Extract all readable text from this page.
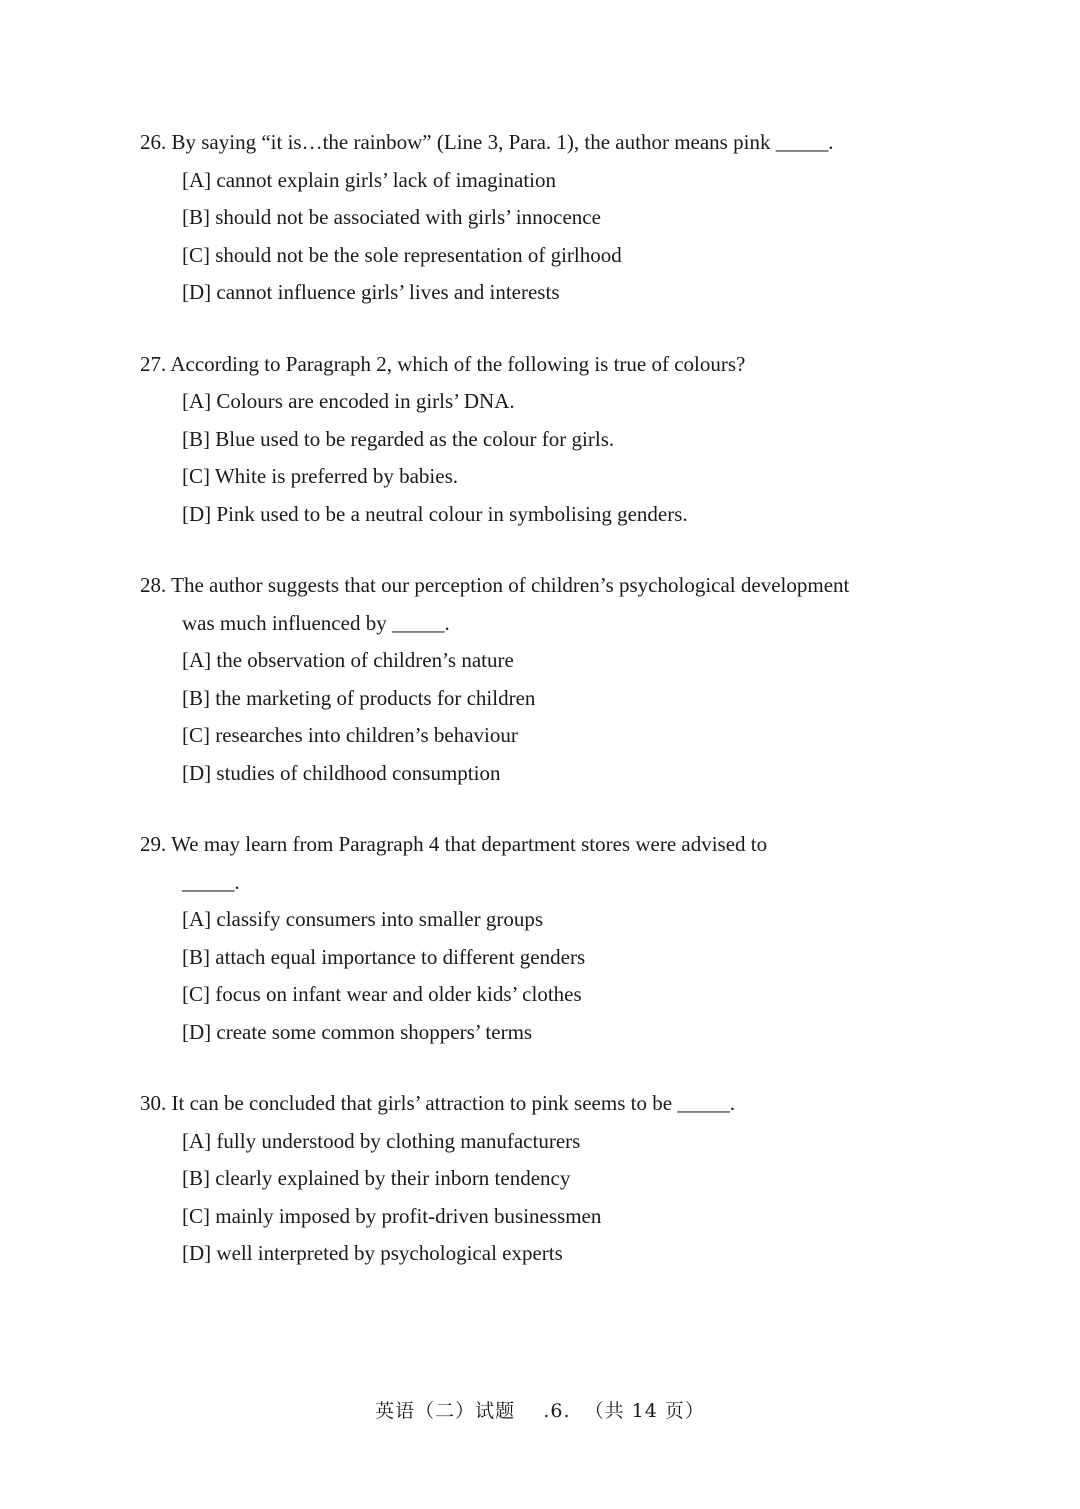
26. By saying “it is…the rainbow” (Line 3, Para. 1), the author means pink _____.

[A] cannot explain girls’ lack of imagination
[B] should not be associated with girls’ innocence
[C] should not be the sole representation of girlhood
[D] cannot influence girls’ lives and interests

27. According to Paragraph 2, which of the following is true of colours?

[A] Colours are encoded in girls’ DNA.
[B] Blue used to be regarded as the colour for girls.
[C] White is preferred by babies.
[D] Pink used to be a neutral colour in symbolising genders.

28. The author suggests that our perception of children’s psychological development
was much influenced by _____.

[A] the observation of children’s nature
[B] the marketing of products for children
[C] researches into children’s behaviour
[D] studies of childhood consumption

29. We may learn from Paragraph 4 that department stores were advised to
_____.

[A] classify consumers into smaller groups
[B] attach equal importance to different genders
[C] focus on infant wear and older kids’ clothes
[D] create some common shoppers’ terms

30. It can be concluded that girls’ attraction to pink seems to be _____.

[A] fully understood by clothing manufacturers
[B] clearly explained by their inborn tendency
[C] mainly imposed by profit-driven businessmen
[D] well interpreted by psychological experts
英语（二）试题 .6. （共 14 页）
